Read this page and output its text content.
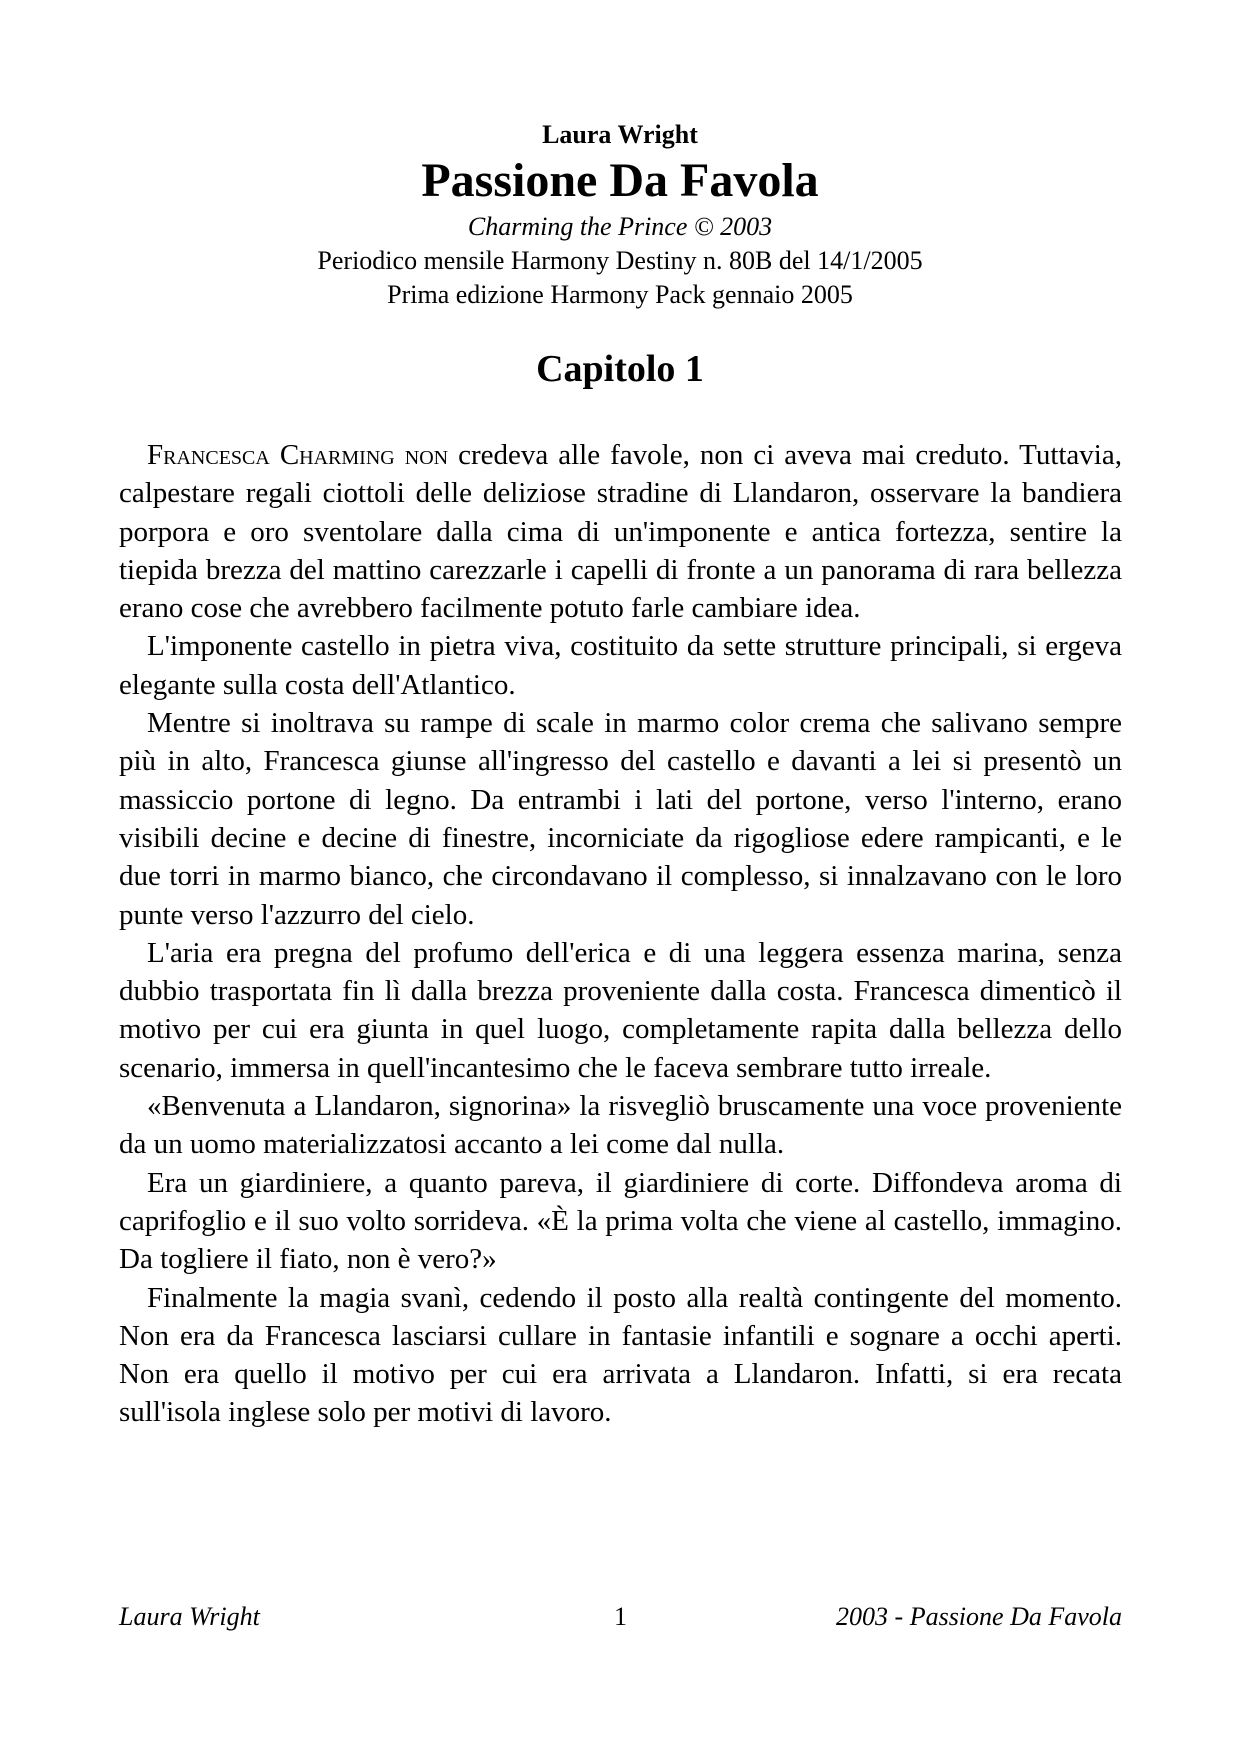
Laura Wright
Passione Da Favola
Charming the Prince © 2003
Periodico mensile Harmony Destiny n. 80B del 14/1/2005
Prima edizione Harmony Pack gennaio 2005
Capitolo 1

Francesca Charming non credeva alle favole, non ci aveva mai creduto. Tuttavia, calpestare regali ciottoli delle deliziose stradine di Llandaron, osservare la bandiera porpora e oro sventolare dalla cima di un'imponente e antica fortezza, sentire la tiepida brezza del mattino carezzarle i capelli di fronte a un panorama di rara bellezza erano cose che avrebbero facilmente potuto farle cambiare idea.

L'imponente castello in pietra viva, costituito da sette strutture principali, si ergeva elegante sulla costa dell'Atlantico.

Mentre si inoltrava su rampe di scale in marmo color crema che salivano sempre più in alto, Francesca giunse all'ingresso del castello e davanti a lei si presentò un massiccio portone di legno. Da entrambi i lati del portone, verso l'interno, erano visibili decine e decine di finestre, incorniciate da rigogliose edere rampicanti, e le due torri in marmo bianco, che circondavano il complesso, si innalzavano con le loro punte verso l'azzurro del cielo.

L'aria era pregna del profumo dell'erica e di una leggera essenza marina, senza dubbio trasportata fin lì dalla brezza proveniente dalla costa. Francesca dimenticò il motivo per cui era giunta in quel luogo, completamente rapita dalla bellezza dello scenario, immersa in quell'incantesimo che le faceva sembrare tutto irreale.

«Benvenuta a Llandaron, signorina» la risvegliò bruscamente una voce proveniente da un uomo materializzatosi accanto a lei come dal nulla.

Era un giardiniere, a quanto pareva, il giardiniere di corte. Diffondeva aroma di caprifoglio e il suo volto sorrideva. «È la prima volta che viene al castello, immagino. Da togliere il fiato, non è vero?»

Finalmente la magia svanì, cedendo il posto alla realtà contingente del momento. Non era da Francesca lasciarsi cullare in fantasie infantili e sognare a occhi aperti. Non era quello il motivo per cui era arrivata a Llandaron. Infatti, si era recata sull'isola inglese solo per motivi di lavoro.

Laura Wright	1	2003 - Passione Da Favola
